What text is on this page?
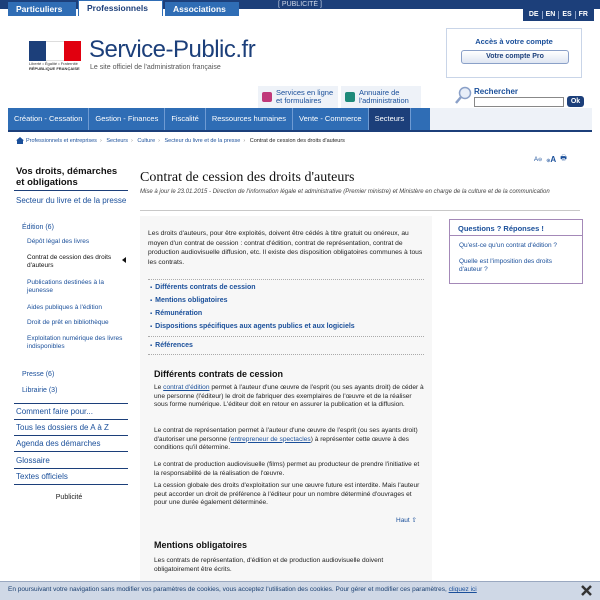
[ PUBLICITÉ ]
DE	EN	ES	FR
Liberté • Égalité • Fraternité
RÉPUBLIQUE FRANÇAISE
Service-Public.fr
Le site officiel de l'administration française
Accès à votre compte
Votre compte Pro
Particuliers	Professionnels	Associations
Services en ligne et formulaires
Annuaire de l'administration
Rechercher
Ok
Création - Cessation	Gestion - Finances	Fiscalité	Ressources humaines	Vente - Commerce	Secteurs
Professionnels et entreprises › Secteurs › Culture › Secteur du livre et de la presse › Contrat de cession des droits d'auteurs
Vos droits, démarches et obligations
Secteur du livre et de la presse
Édition (6)
Dépôt légal des livres
Contrat de cession des droits d'auteurs
Publications destinées à la jeunesse
Aides publiques à l'édition
Droit de prêt en bibliothèque
Exploitation numérique des livres indisponibles
Presse (6)
Librairie (3)
Comment faire pour...
Tous les dossiers de A à Z
Agenda des démarches
Glossaire
Textes officiels
Publicité
A⊖ ⊕A 🖶
Contrat de cession des droits d'auteurs
Mise à jour le 23.01.2015 - Direction de l'information légale et administrative (Premier ministre) et Ministère en charge de la culture et de la communication
Les droits d'auteurs, pour être exploités, doivent être cédés à titre gratuit ou onéreux, au moyen d'un contrat de cession : contrat d'édition, contrat de représentation, contrat de production audiovisuelle diffusion, etc. Il existe des disposition obligatoires communes à tous les contrats.
▪ Différents contrats de cession
▪ Mentions obligatoires
▪ Rémunération
▪ Dispositions spécifiques aux agents publics et aux logiciels
▪ Références
Différents contrats de cession
Le contrat d'édition permet à l'auteur d'une œuvre de l'esprit (ou ses ayants droit) de céder à une personne (l'éditeur) le droit de fabriquer des exemplaires de l'œuvre et de la réaliser sous forme numérique. L'éditeur doit en retour en assurer la publication et la diffusion.
Le contrat de représentation permet à l'auteur d'une œuvre de l'esprit (ou ses ayants droit) d'autoriser une personne (entrepreneur de spectacles) à représenter cette œuvre à des conditions qu'il détermine.
Le contrat de production audiovisuelle (films) permet au producteur de prendre l'initiative et la responsabilité de la réalisation de l'œuvre.
La cession globale des droits d'exploitation sur une œuvre future est interdite. Mais l'auteur peut accorder un droit de préférence à l'éditeur pour un nombre déterminé d'ouvrages et pour une durée également déterminée.
Haut ⇧
Mentions obligatoires
Les contrats de représentation, d'édition et de production audiovisuelle doivent obligatoirement être écrits.
Questions ? Réponses !
Qu'est-ce qu'un contrat d'édition ?
Quelle est l'imposition des droits d'auteur ?
En poursuivant votre navigation sans modifier vos paramètres de cookies, vous acceptez l'utilisation des cookies. Pour gérer et modifier ces paramètres, cliquez ici
